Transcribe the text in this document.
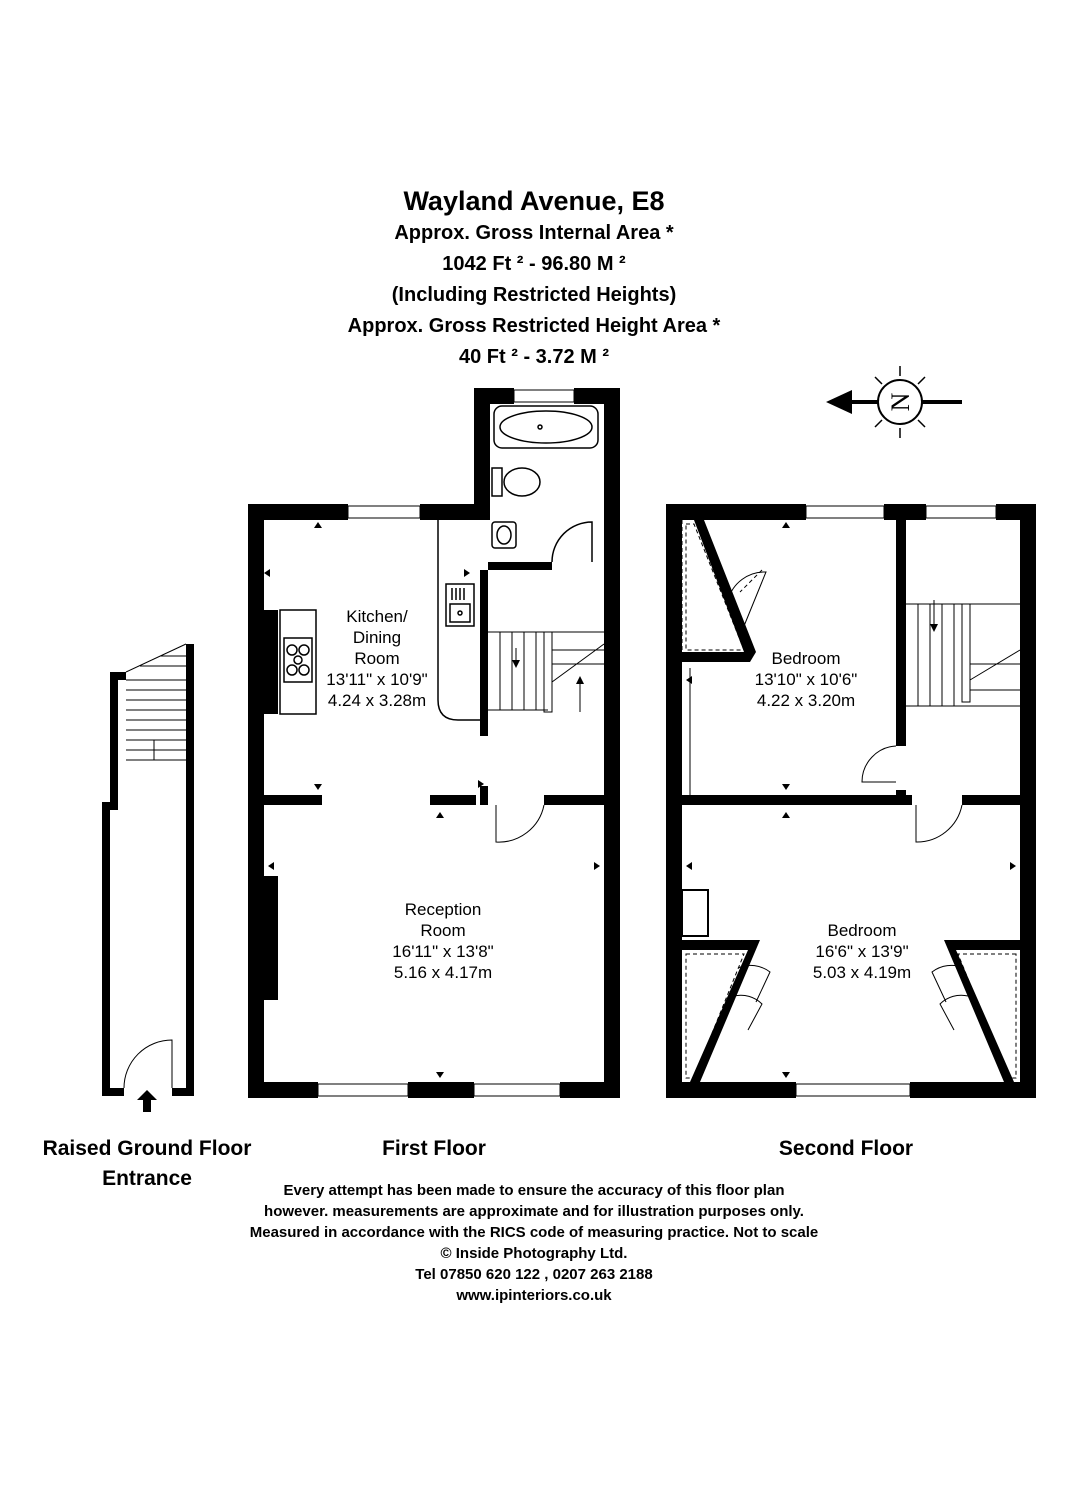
Wayland Avenue, E8
Approx. Gross Internal Area *
1042 Ft ² - 96.80 M ²
(Including Restricted Heights)
Approx. Gross Restricted Height Area *
40 Ft ² - 3.72 M ²
N
Kitchen/
Dining
Room
13'11" x 10'9"
4.24 x 3.28m
Reception
Room
16'11" x 13'8"
5.16 x 4.17m
Bedroom
13'10" x 10'6"
4.22 x 3.20m
Bedroom
16'6" x 13'9"
5.03 x 4.19m
Raised Ground Floor
Entrance
First Floor	Second Floor
Every attempt has been made to ensure the accuracy of this floor plan
however. measurements are approximate and for illustration purposes only.
Measured in accordance with the RICS code of measuring practice. Not to scale
© Inside Photography Ltd.
Tel 07850 620 122 , 0207 263 2188
www.ipinteriors.co.uk
